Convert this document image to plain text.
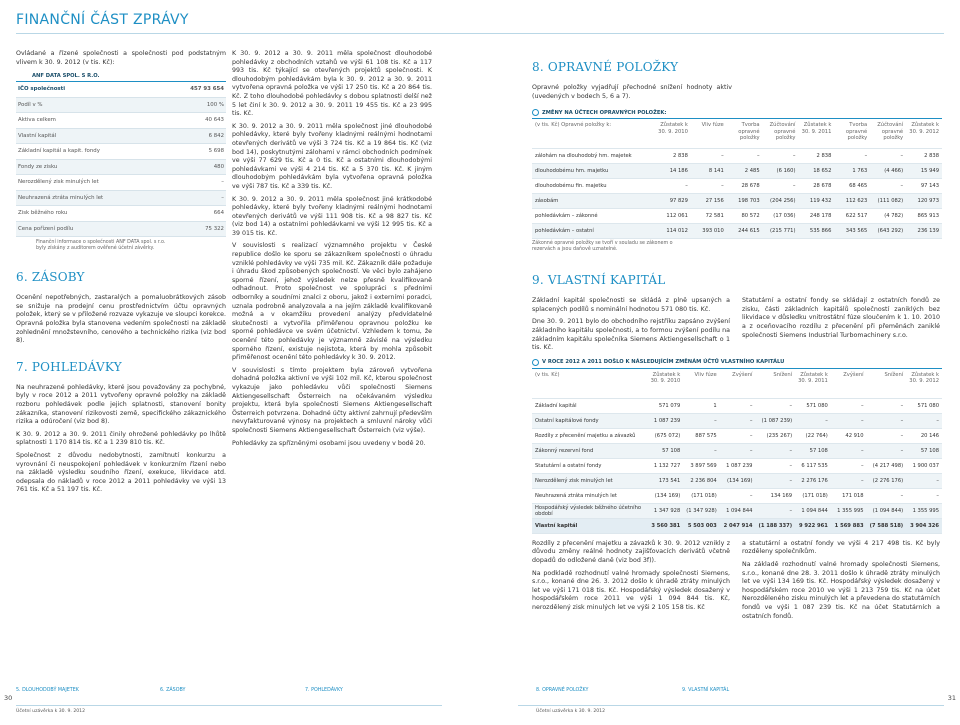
FINANČNÍ ČÁST ZPRÁVY
Ovládané a řízené společnosti a společnosti pod podstatným vlivem k 30. 9. 2012 (v tis. Kč):
ANF DATA SPOL. S R.O.
IČO společnosti	457 93 654
Podíl v %	100 %
Aktiva celkem	40 643
Vlastní kapitál	6 842
Základní kapitál a kapit. fondy	5 698
Fondy ze zisku	480
Nerozdělený zisk minulých let	–
Neuhrazená ztráta minulých let	–
Zisk běžného roku	664
Cena pořízení podílu	75 322
Finanční informace o společnosti ANF DATA spol. s r.o. byly získány z auditorem ověřené účetní závěrky.
6. ZÁSOBY
Ocenění nepotřebných, zastaralých a pomaluobrátkových zásob se snižuje na prodejní cenu prostřednictvím účtu opravných položek, který se v přiložené rozvaze vykazuje ve sloupci korekce. Opravná položka byla stanovena vedením společnosti na základě zohlednění množstevního, cenového a technického rizika (viz bod 8).
7. POHLEDÁVKY
Na neuhrazené pohledávky, které jsou považovány za pochybné, byly v roce 2012 a 2011 vytvořeny opravné položky na základě rozboru pohledávek podle jejich splatnosti, stanovení bonity zákazníka, stanovení rizikovosti země, specifického zákaznického rizika a odúročení (viz bod 8).
K 30. 9. 2012 a 30. 9. 2011 činily ohrožené pohledávky po lhůtě splatnosti 1 170 814 tis. Kč a 1 239 810 tis. Kč.
Společnost z důvodu nedobytnosti, zamítnutí konkurzu a vyrovnání či neuspokojení pohledávek v konkurzním řízení nebo na základě výsledku soudního řízení, exekuce, likvidace atd. odepsala do nákladů v roce 2012 a 2011 pohledávky ve výši 13 761 tis. Kč a 51 197 tis. Kč.
K 30. 9. 2012 a 30. 9. 2011 měla společnost dlouhodobé pohledávky z obchodních vztahů ve výši 61 108 tis. Kč a 117 993 tis. Kč týkající se otevřených projektů společnosti. K dlouhodobým pohledávkám byla k 30. 9. 2012 a 30. 9. 2011 vytvořena opravná položka ve výši 17 250 tis. Kč a 20 864 tis. Kč. Z toho dlouhodobé pohledávky s dobou splatnosti delší než 5 let činí k 30. 9. 2012 a 30. 9. 2011 19 455 tis. Kč a 23 995 tis. Kč.
K 30. 9. 2012 a 30. 9. 2011 měla společnost jiné dlouhodobé pohledávky, které byly tvořeny kladnými reálnými hodnotami otevřených derivátů ve výši 3 724 tis. Kč a 19 864 tis. Kč (viz bod 14), poskytnutými zálohami v rámci obchodních podmínek ve výši 77 629 tis. Kč a 0 tis. Kč a ostatními dlouhodobými pohledávkami ve výši 4 214 tis. Kč a 5 370 tis. Kč. K jiným dlouhodobým pohledávkám byla vytvořena opravná položka ve výši 787 tis. Kč a 339 tis. Kč.
K 30. 9. 2012 a 30. 9. 2011 měla společnost jiné krátkodobé pohledávky, které byly tvořeny kladnými reálnými hodnotami otevřených derivátů ve výši 111 908 tis. Kč a 98 827 tis. Kč (viz bod 14) a ostatními pohledávkami ve výši 12 995 tis. Kč a 39 015 tis. Kč.
V souvislosti s realizací významného projektu v České republice došlo ke sporu se zákazníkem společnosti o úhradu vzniklé pohledávky ve výši 735 mil. Kč. Zákazník dále požaduje i úhradu škod způsobených společností. Ve věci bylo zahájeno sporné řízení, jehož výsledek nelze přesně kvalifikovaně odhadnout. Proto společnost ve spolupráci s předními odborníky a soudními znalci z oboru, jakož i externími poradci, uznala podrobně analyzovala a na jejím základě kvalifikovaně možná a v okamžiku provedení analýzy předvídatelné skutečnosti a vytvořila přiměřenou opravnou položku ke sporné pohledávce ve svém účetnictví. Vzhledem k tomu, že ocenění této pohledávky je významně závislé na výsledku sporného řízení, existuje nejistota, která by mohla způsobit přiměřenost ocenění této pohledávky k 30. 9. 2012.
V souvislosti s tímto projektem byla zároveň vytvořena dohadná položka aktivní ve výši 102 mil. Kč, kterou společnost vykazuje jako pohledávku vůči společnosti Siemens Aktiengesellschaft Österreich na očekávaném výsledku projektu, která byla společnosti Siemens Aktiengesellschaft Österreich potvrzena. Dohadné účty aktivní zahrnují především nevyfakturované výnosy na projektech a smluvní nároky vůči společnosti Siemens Aktiengesellschaft Österreich (viz výše).
Pohledávky za spřízněnými osobami jsou uvedeny v bodě 20.
8. OPRAVNÉ POLOŽKY
Opravné položky vyjadřují přechodné snížení hodnoty aktiv (uvedených v bodech 5, 6 a 7).
ZMĚNY NA ÚČTECH OPRAVNÝCH POLOŽEK:
(v tis. Kč) Opravné položky k:	Zůstatek k 30. 9. 2010	Vliv fúze	Tvorba opravné položky	Zúčtování opravné položky	Zůstatek k 30. 9. 2011	Tvorba opravné položky	Zúčtování opravné položky	Zůstatek k 30. 9. 2012
zálohám na dlouhodobý hm. majetek	2 838	–	–	–	2 838	–	–	2 838
dlouhodobému hm. majetku	14 186	8 141	2 485	(6 160)	18 652	1 763	(4 466)	15 949
dlouhodobému fin. majetku	–	–	28 678	–	28 678	68 465	–	97 143
zásobám	97 829	27 156	198 703	(204 256)	119 432	112 623	(111 082)	120 973
pohledávkám – zákonné	112 061	72 581	80 572	(17 036)	248 178	622 517	(4 782)	865 913
pohledávkám – ostatní	114 012	393 010	244 615	(215 771)	535 866	343 565	(643 292)	236 139
Zákonné opravné položky se tvoří v souladu se zákonem o rezervách a jsou daňově uznatelné.
9. VLASTNÍ KAPITÁL
Základní kapitál společnosti se skládá z plně upsaných a splacených podílů s nominální hodnotou 571 080 tis. Kč.
Dne 30. 9. 2011 bylo do obchodního rejstříku zapsáno zvýšení základního kapitálu společnosti, a to formou zvýšení podílu na základním kapitálu společníka Siemens Aktiengesellschaft o 1 tis. Kč.
Statutární a ostatní fondy se skládají z ostatních fondů ze zisku, části základních kapitálů společností zaniklých bez likvidace v důsledku vnitrostátní fúze sloučením k 1. 10. 2010 a z oceňovacího rozdílu z přecenění při přeměnách zaniklé společnosti Siemens Industrial Turbomachinery s.r.o.
V ROCE 2012 A 2011 DOŠLO K NÁSLEDUJÍCÍM ZMĚNÁM ÚČTŮ VLASTNÍHO KAPITÁLU
(v tis. Kč)	Zůstatek k 30. 9. 2010	Vliv fúze	Zvýšení	Snížení	Zůstatek k 30. 9. 2011	Zvýšení	Snížení	Zůstatek k 30. 9. 2012
Základní kapitál	571 079	1	–	–	571 080	–	–	571 080
Ostatní kapitálové fondy	1 087 239	–	–	(1 087 239)	–	–	–	–
Rozdíly z přecenění majetku a závazků	(675 072)	887 575	–	(235 267)	(22 764)	42 910	–	20 146
Zákonný rezervní fond	57 108	–	–	–	57 108	–	–	57 108
Statutární a ostatní fondy	1 132 727	3 897 569	1 087 239	–	6 117 535	–	(4 217 498)	1 900 037
Nerozdělený zisk minulých let	173 541	2 236 804	(134 169)	–	2 276 176	–	(2 276 176)	–
Neuhrazená ztráta minulých let	(134 169)	(171 018)	–	134 169	(171 018)	171 018	–	–
Hospodářský výsledek běžného účetního období	1 347 928	(1 347 928)	1 094 844	–	1 094 844	1 355 995	(1 094 844)	1 355 995
Vlastní kapitál	3 560 381	5 503 003	2 047 914	(1 188 337)	9 922 961	1 569 883	(7 588 518)	3 904 326
Rozdíly z přecenění majetku a závazků k 30. 9. 2012 vznikly z důvodu změny reálné hodnoty zajišťovacích derivátů včetně dopadů do odložené daně (viz bod 3f)).
Na podkladě rozhodnutí valné hromady společnosti Siemens, s.r.o., konané dne 26. 3. 2012 došlo k úhradě ztráty minulých let ve výši 171 018 tis. Kč. Hospodářský výsledek dosažený v hospodářském roce 2011 ve výši 1 094 844 tis. Kč, nerozdělený zisk minulých let ve výši 2 105 158 tis. Kč
a statutární a ostatní fondy ve výši 4 217 498 tis. Kč byly rozděleny společníkům.
Na základě rozhodnutí valné hromady společnosti Siemens, s.r.o., konané dne 28. 3. 2011 došlo k úhradě ztráty minulých let ve výši 134 169 tis. Kč. Hospodářský výsledek dosažený v hospodářském roce 2010 ve výši 1 213 759 tis. Kč na účet Nerozděleného zisku minulých let a převedena do statutárních fondů ve výši 1 087 239 tis. Kč na účet Statutárních a ostatních fondů.
30	31
5. DLOUHODOBÝ MAJETEK	6. ZÁSOBY	7. POHLEDÁVKY	8. OPRAVNÉ POLOŽKY	9. VLASTNÍ KAPITÁL
Účetní uzávěrka k 30. 9. 2012	Účetní uzávěrka k 30. 9. 2012
